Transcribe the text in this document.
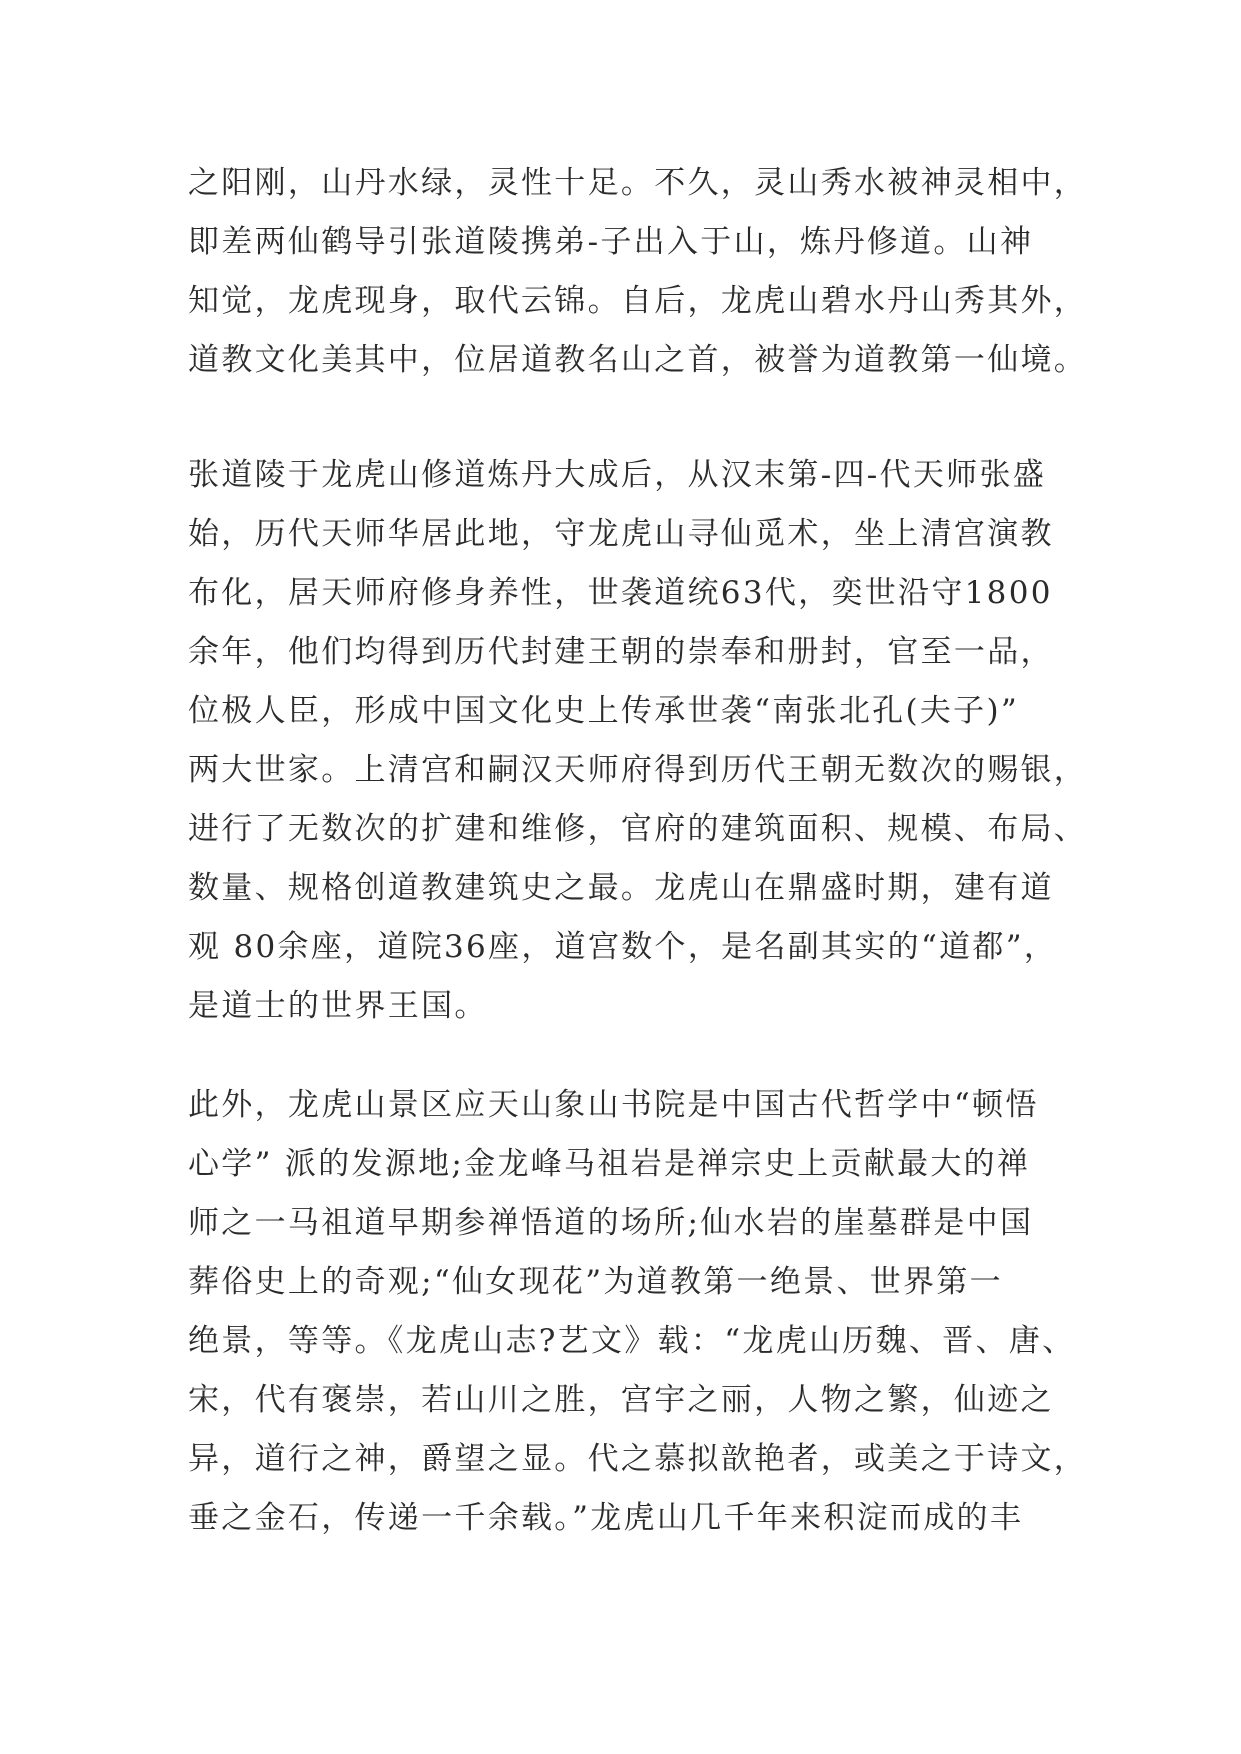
之阳刚，山丹水绿，灵性十足。不久，灵山秀水被神灵相中，
即差两仙鹤导引张道陵携弟-子出入于山，炼丹修道。山神
知觉，龙虎现身，取代云锦。自后，龙虎山碧水丹山秀其外，
道教文化美其中，位居道教名山之首，被誉为道教第一仙境。
张道陵于龙虎山修道炼丹大成后，从汉末第-四-代天师张盛
始，历代天师华居此地，守龙虎山寻仙觅术，坐上清宫演教
布化，居天师府修身养性，世袭道统63代，奕世沿守1800
余年，他们均得到历代封建王朝的崇奉和册封，官至一品，
位极人臣，形成中国文化史上传承世袭“南张北孔(夫子)”
两大世家。上清宫和嗣汉天师府得到历代王朝无数次的赐银，
进行了无数次的扩建和维修，官府的建筑面积、规模、布局、
数量、规格创道教建筑史之最。龙虎山在鼎盛时期，建有道
观 80余座，道院36座，道宫数个，是名副其实的“道都”，
是道士的世界王国。
此外，龙虎山景区应天山象山书院是中国古代哲学中“顿悟
心学” 派的发源地;金龙峰马祖岩是禅宗史上贡献最大的禅
师之一马祖道早期参禅悟道的场所;仙水岩的崖墓群是中国
葬俗史上的奇观;“仙女现花”为道教第一绝景、世界第一
绝景，等等。《龙虎山志?艺文》载：“龙虎山历魏、晋、唐、
宋，代有褒崇，若山川之胜，宫宇之丽，人物之繁，仙迹之
异，道行之神，爵望之显。代之慕拟歆艳者，或美之于诗文，
垂之金石，传递一千余载。”龙虎山几千年来积淀而成的丰
